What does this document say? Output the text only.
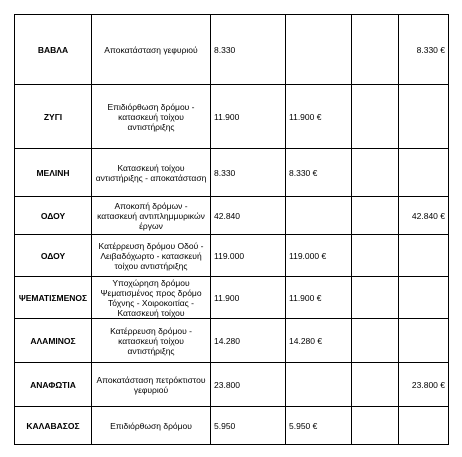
ΒΑΒΛΑ	Αποκατάσταση γεφυριού	8.330			8.330 €
ΖΥΓΙ	Επιδιόρθωση δρόμου - κατασκευή τοίχου αντιστήριξης	11.900	11.900 €		
ΜΕΛΙΝΗ	Κατασκευή τοίχου αντιστήριξης - αποκατάσταση	8.330	8.330 €		
ΟΔΟΥ	Αποκοπή δρόμων - κατασκευή αντιπλημμυρικών έργων	42.840			42.840 €
ΟΔΟΥ	Κατέρρευση δρόμου Οδού - Λειβαδόχωρτο - κατασκευή τοίχου αντιστήριξης	119.000	119.000 €		
ΨΕΜΑΤΙΣΜΕΝΟΣ	Υποχώρηση δρόμου Ψεματισμένος προς δρόμο Τόχνης - Χοιροκοιτίας - Κατασκευή τοίχου	11.900	11.900 €		
ΑΛΑΜΙΝΟΣ	Κατέρρευση δρόμου - κατασκευή τοίχου αντιστήριξης	14.280	14.280 €		
ΑΝΑΦΩΤΙΑ	Αποκατάσταση πετρόκτιστου γεφυριού	23.800			23.800 €
ΚΑΛΑΒΑΣΟΣ	Επιδιόρθωση δρόμου	5.950	5.950 €		
